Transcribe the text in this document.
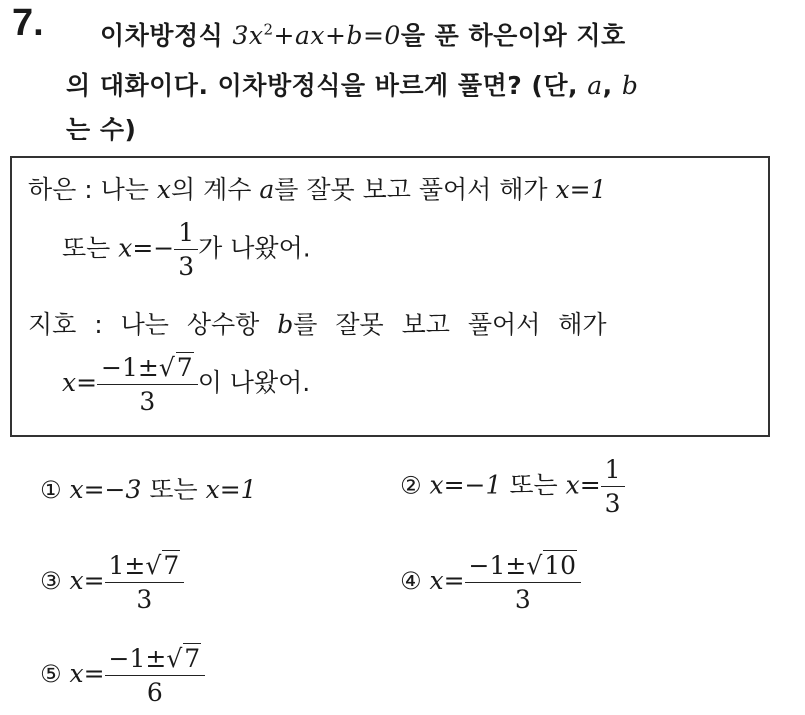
7. 이차방정식 $3x^2+ax+b=0$을 푼 하은이와 지호
의 대화이다. 이차방정식을 바르게 풀면? (단, a, b
는 수)
하은 : 나는 x의 계수 a를 잘못 보고 풀어서 해가 x=1
또는 $x=- \frac{1}{3}$ 가 나왔어.
지호 : 나는 상수항 b를 잘못 보고 풀어서 해가
$x= \frac{-1\pm√7}{3}$ 이 나왔어.
① x=−3 또는 x=1	② x=−1 또는 $x= \frac{1}{3}$
③ $x= \frac{1\pm√7}{3}$	④ $x= \frac{-1\pm√10}{3}$
⑤ $x= \frac{-1\pm√7}{6}$
